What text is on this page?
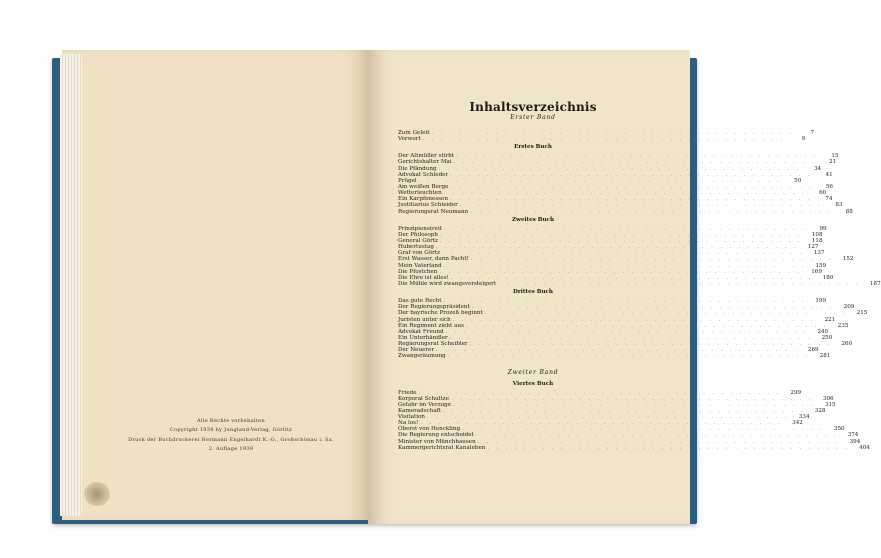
Alle Rechte vorbehalten
Copyright 1939 by Jungland-Verlag, Görlitz
Druck der Buchdruckerei Hermann Engelhardt K.-G., Großschönau i. Sa.
2. Auflage 1939
Inhaltsverzeichnis
Erster Band
Zum Geleit . . . . . . . . . . . . . . . . . . . . . . . . . . . . . . . . . . . . . . . .	7
Vorwort . . . . . . . . . . . . . . . . . . . . . . . . . . . . . . . . . . . . . . . .	9
Erstes Buch
Der Altmüller stirbt . . . . . . . . . . . . . . . . . . . . . . . . . . . . . . . . . . . . . . . .	15
Gerichtshalter Mai . . . . . . . . . . . . . . . . . . . . . . . . . . . . . . . . . . . . . . . .	21
Die Pfändung . . . . . . . . . . . . . . . . . . . . . . . . . . . . . . . . . . . . . . . .	34
Advokat Schleder . . . . . . . . . . . . . . . . . . . . . . . . . . . . . . . . . . . . . . . .	41
Prügel . . . . . . . . . . . . . . . . . . . . . . . . . . . . . . . . . . . . . . . .	50
Am weißen Berge . . . . . . . . . . . . . . . . . . . . . . . . . . . . . . . . . . . . . . . .	56
Wetterleuchten . . . . . . . . . . . . . . . . . . . . . . . . . . . . . . . . . . . . . . . .	60
Ein Karpfenessen . . . . . . . . . . . . . . . . . . . . . . . . . . . . . . . . . . . . . . . .	74
Justitiarius Schleider . . . . . . . . . . . . . . . . . . . . . . . . . . . . . . . . . . . . . . . .	83
Regierungsrat Neumann . . . . . . . . . . . . . . . . . . . . . . . . . . . . . . . . . . . . . . . .	88
Zweites Buch
Prinzipienstreit . . . . . . . . . . . . . . . . . . . . . . . . . . . . . . . . . . . . . . . .	99
Der Philosoph . . . . . . . . . . . . . . . . . . . . . . . . . . . . . . . . . . . . . . . .	108
General Görtz . . . . . . . . . . . . . . . . . . . . . . . . . . . . . . . . . . . . . . . .	118
Hubertustag . . . . . . . . . . . . . . . . . . . . . . . . . . . . . . . . . . . . . . . .	127
Graf von Görtz . . . . . . . . . . . . . . . . . . . . . . . . . . . . . . . . . . . . . . . .	137
Erst Wasser, dann Pacht! . . . . . . . . . . . . . . . . . . . . . . . . . . . . . . . . . . . . . . . .	152
Mein Vaterland . . . . . . . . . . . . . . . . . . . . . . . . . . . . . . . . . . . . . . . .	159
Die Pfostchen . . . . . . . . . . . . . . . . . . . . . . . . . . . . . . . . . . . . . . . .	169
Die Ehre ist alles! . . . . . . . . . . . . . . . . . . . . . . . . . . . . . . . . . . . . . . . .	180
Die Mühle wird zwangsversteigert . . . . . . . . . . . . . . . . . . . . . . . . . . . . . . . . . . . . . . . .	187
Drittes Buch
Das gute Recht . . . . . . . . . . . . . . . . . . . . . . . . . . . . . . . . . . . . . . . .	199
Der Regierungspräsident . . . . . . . . . . . . . . . . . . . . . . . . . . . . . . . . . . . . . . . .	209
Der bayrische Prozeß beginnt . . . . . . . . . . . . . . . . . . . . . . . . . . . . . . . . . . . . . . . .	215
Juristen unter sich . . . . . . . . . . . . . . . . . . . . . . . . . . . . . . . . . . . . . . . .	221
Ein Regiment zieht aus . . . . . . . . . . . . . . . . . . . . . . . . . . . . . . . . . . . . . . . .	235
Advokat Freund . . . . . . . . . . . . . . . . . . . . . . . . . . . . . . . . . . . . . . . .	240
Ein Unterhändler . . . . . . . . . . . . . . . . . . . . . . . . . . . . . . . . . . . . . . . .	250
Regierungsrat Scheibler . . . . . . . . . . . . . . . . . . . . . . . . . . . . . . . . . . . . . . . .	260
Der Neuerer . . . . . . . . . . . . . . . . . . . . . . . . . . . . . . . . . . . . . . . .	269
Zwangsräumung . . . . . . . . . . . . . . . . . . . . . . . . . . . . . . . . . . . . . . . .	281
Zweiter Band
Viertes Buch
Friede . . . . . . . . . . . . . . . . . . . . . . . . . . . . . . . . . . . . . . . .	299
Korporal Schultze . . . . . . . . . . . . . . . . . . . . . . . . . . . . . . . . . . . . . . . .	306
Gefahr im Verzuge . . . . . . . . . . . . . . . . . . . . . . . . . . . . . . . . . . . . . . . .	315
Kameradschaft . . . . . . . . . . . . . . . . . . . . . . . . . . . . . . . . . . . . . . . .	328
Visitation . . . . . . . . . . . . . . . . . . . . . . . . . . . . . . . . . . . . . . . .	334
Na los! . . . . . . . . . . . . . . . . . . . . . . . . . . . . . . . . . . . . . . . .	342
Oberst von Henckling . . . . . . . . . . . . . . . . . . . . . . . . . . . . . . . . . . . . . . . .	350
Die Regierung entscheidet . . . . . . . . . . . . . . . . . . . . . . . . . . . . . . . . . . . . . . . .	374
Minister von Münchhausen . . . . . . . . . . . . . . . . . . . . . . . . . . . . . . . . . . . . . . . .	394
Kammergerichtsrat Kanaleben . . . . . . . . . . . . . . . . . . . . . . . . . . . . . . . . . . . . . . . .	404
